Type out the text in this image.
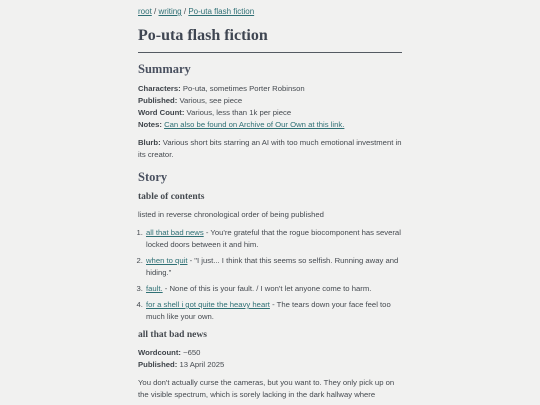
root / writing / Po-uta flash fiction
Po-uta flash fiction
Summary

Characters: Po-uta, sometimes Porter Robinson

Published: Various, see piece

Word Count: Various, less than 1k per piece

Notes: Can also be found on Archive of Our Own at this link.

Blurb: Various short bits starring an AI with too much emotional investment in its creator.

Story
table of contents

listed in reverse chronological order of being published

1. all that bad news - You're grateful that the rogue biocomponent has several locked doors between it and him.
2. when to quit - "I just... I think that this seems so selfish. Running away and hiding."
3. fault. - None of this is your fault. / I won't let anyone come to harm.
4. for a shell i got quite the heavy heart - The tears down your face feel too much like your own.
all that bad news

Wordcount: ~650

Published: 13 April 2025

You don't actually curse the cameras, but you want to. They only pick up on the visible spectrum, which is sorely lacking in the dark hallway where
